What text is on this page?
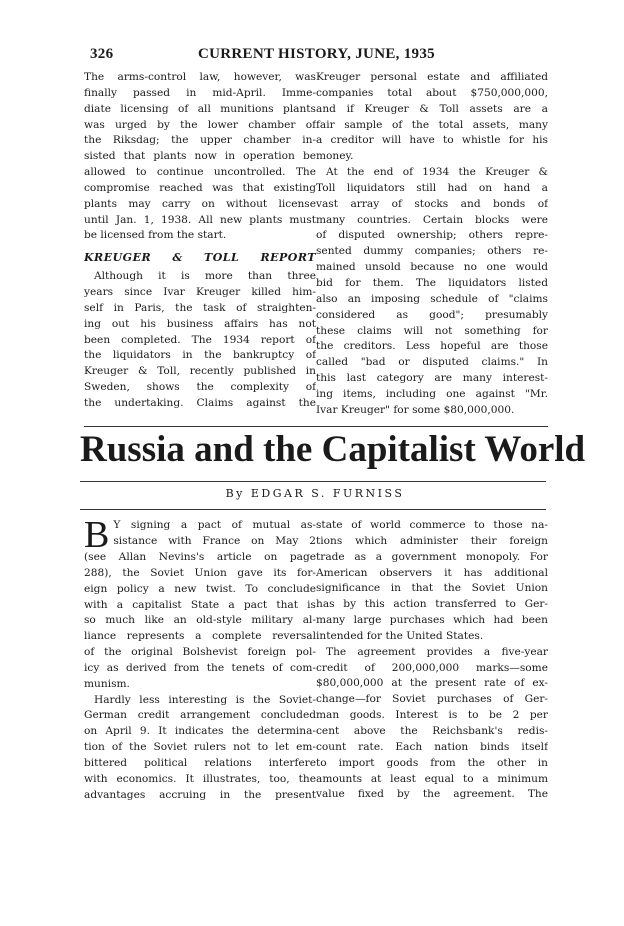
326	CURRENT HISTORY, JUNE, 1935

The arms-control law, however, was

finally passed in mid-April. Imme-

diate licensing of all munitions plants

was urged by the lower chamber of

the Riksdag; the upper chamber in-

sisted that plants now in operation be

allowed to continue uncontrolled. The

compromise reached was that existing

plants may carry on without license

until Jan. 1, 1938. All new plants must

be licensed from the start.

KREUGER & TOLL REPORT

Although it is more than three

years since Ivar Kreuger killed him-

self in Paris, the task of straighten-

ing out his business affairs has not

been completed. The 1934 report of

the liquidators in the bankruptcy of

Kreuger & Toll, recently published in

Sweden, shows the complexity of

the undertaking. Claims against the

Kreuger personal estate and affiliated

companies total about $750,000,000,

and if Kreuger & Toll assets are a

fair sample of the total assets, many

a creditor will have to whistle for his

money.

At the end of 1934 the Kreuger &

Toll liquidators still had on hand a

vast array of stocks and bonds of

many countries. Certain blocks were

of disputed ownership; others repre-

sented dummy companies; others re-

mained unsold because no one would

bid for them. The liquidators listed

also an imposing schedule of "claims

considered as good"; presumably

these claims will not something for

the creditors. Less hopeful are those

called "bad or disputed claims." In

this last category are many interest-

ing items, including one against "Mr.

Ivar Kreuger" for some $80,000,000.

Russia and the Capitalist World
By EDGAR S. FURNISS
B Y signing a pact of mutual as-

sistance with France on May 2

(see Allan Nevins's article on page

288), the Soviet Union gave its for-

eign policy a new twist. To conclude

with a capitalist State a pact that is

so much like an old-style military al-

liance represents a complete reversal

of the original Bolshevist foreign pol-

icy as derived from the tenets of com-

munism.

Hardly less interesting is the Soviet-

German credit arrangement concluded

on April 9. It indicates the determina-

tion of the Soviet rulers not to let em-

bittered political relations interfere

with economics. It illustrates, too, the

advantages accruing in the present

state of world commerce to those na-

tions which administer their foreign

trade as a government monopoly. For

American observers it has additional

significance in that the Soviet Union

has by this action transferred to Ger-

many large purchases which had been

intended for the United States.

The agreement provides a five-year

credit of 200,000,000 marks—some

$80,000,000 at the present rate of ex-

change—for Soviet purchases of Ger-

man goods. Interest is to be 2 per

cent above the Reichsbank's redis-

count rate. Each nation binds itself

to import goods from the other in

amounts at least equal to a minimum

value fixed by the agreement. The
